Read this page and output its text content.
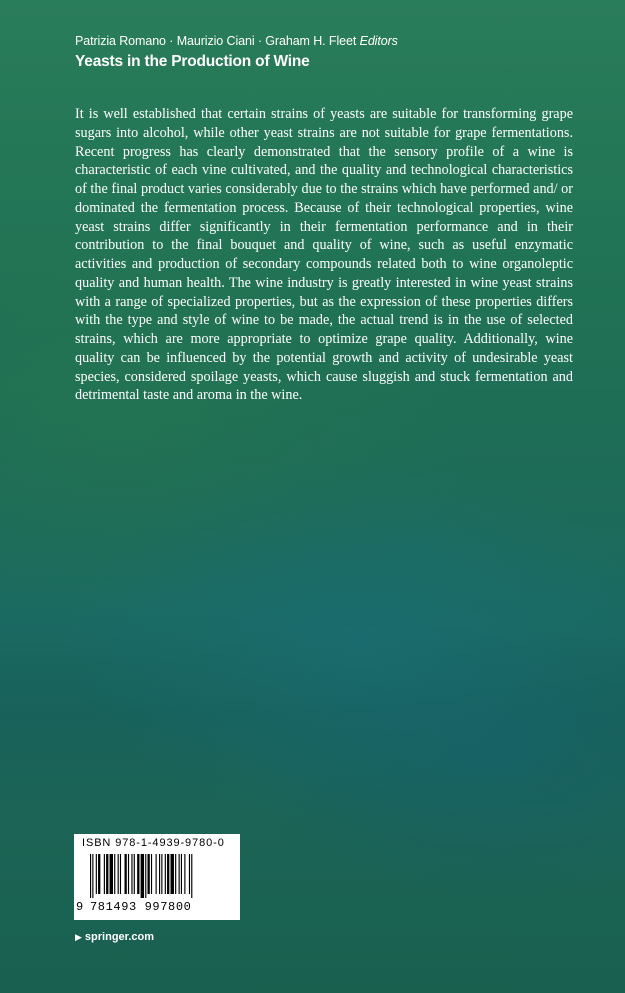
Patrizia Romano · Maurizio Ciani · Graham H. Fleet Editors
Yeasts in the Production of Wine

It is well established that certain strains of yeasts are suitable for transforming grape sugars into alcohol, while other yeast strains are not suitable for grape fermentations. Recent progress has clearly demonstrated that the sensory profile of a wine is characteristic of each vine cultivated, and the quality and technological characteristics of the final product varies considerably due to the strains which have performed and/ or dominated the fermentation process. Because of their technological properties, wine yeast strains differ significantly in their fermentation performance and in their contribution to the final bouquet and quality of wine, such as useful enzymatic activities and production of secondary compounds related both to wine organoleptic quality and human health. The wine industry is greatly interested in wine yeast strains with a range of specialized properties, but as the expression of these properties differs with the type and style of wine to be made, the actual trend is in the use of selected strains, which are more appropriate to optimize grape quality. Additionally, wine quality can be influenced by the potential growth and activity of undesirable yeast species, considered spoilage yeasts, which cause sluggish and stuck fermentation and detrimental taste and aroma in the wine.

ISBN 978-1-4939-9780-0
9 781493 997800
▶ springer.com
